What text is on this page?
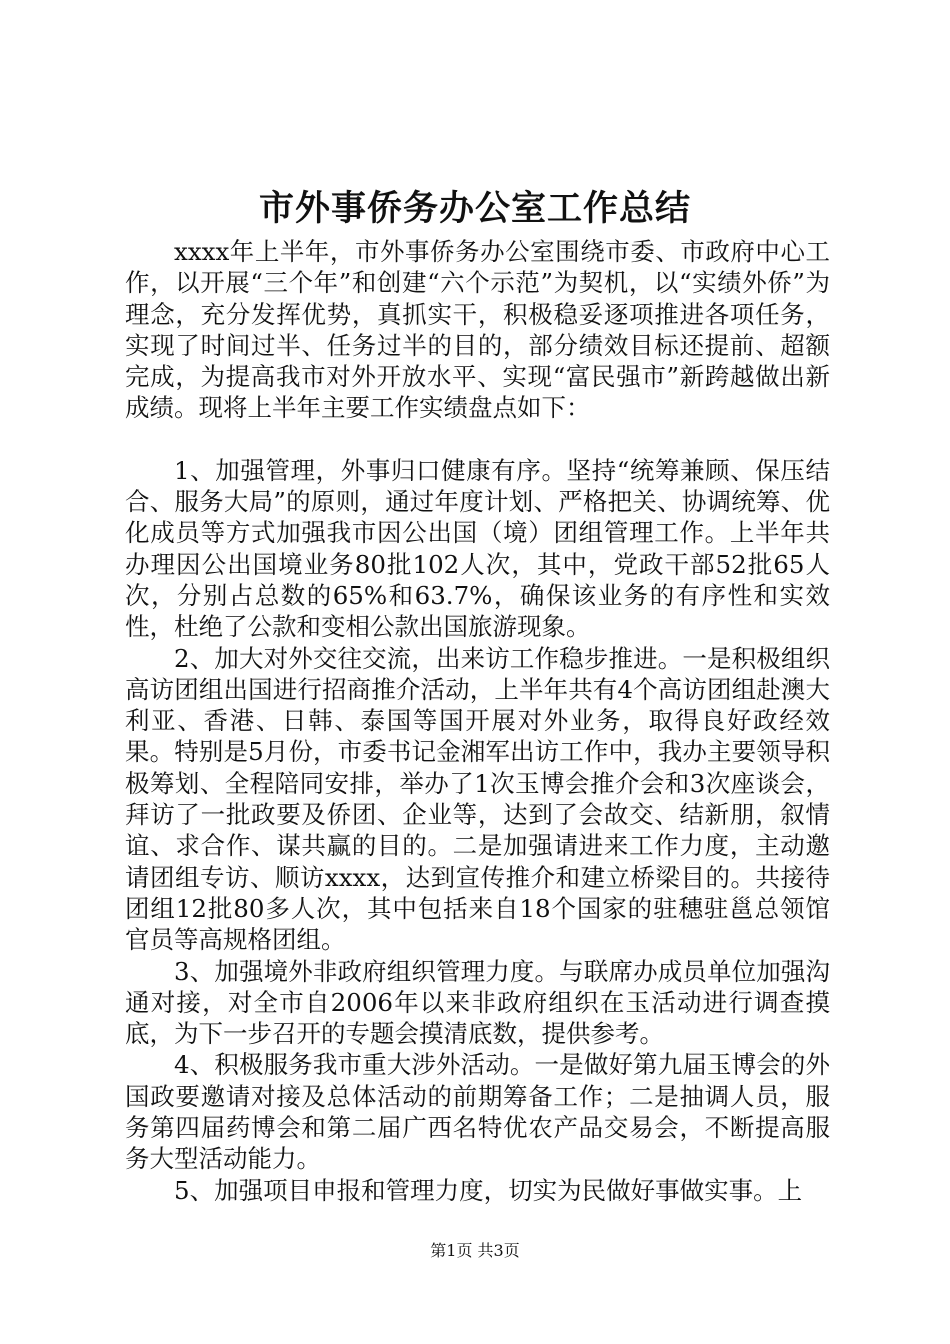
市外事侨务办公室工作总结

xxxx年上半年，市外事侨务办公室围绕市委、市政府中心工作，以开展“三个年”和创建“六个示范”为契机，以“实绩外侨”为理念，充分发挥优势，真抓实干，积极稳妥逐项推进各项任务，实现了时间过半、任务过半的目的，部分绩效目标还提前、超额完成，为提高我市对外开放水平、实现“富民强市”新跨越做出新成绩。现将上半年主要工作实绩盘点如下：

1、加强管理，外事归口健康有序。坚持“统筹兼顾、保压结合、服务大局”的原则，通过年度计划、严格把关、协调统筹、优化成员等方式加强我市因公出国（境）团组管理工作。上半年共办理因公出国境业务80批102人次，其中，党政干部52批65人次，分别占总数的65%和63.7%，确保该业务的有序性和实效性，杜绝了公款和变相公款出国旅游现象。

2、加大对外交往交流，出来访工作稳步推进。一是积极组织高访团组出国进行招商推介活动，上半年共有4个高访团组赴澳大利亚、香港、日韩、泰国等国开展对外业务，取得良好政经效果。特别是5月份，市委书记金湘军出访工作中，我办主要领导积极筹划、全程陪同安排，举办了1次玉博会推介会和3次座谈会，拜访了一批政要及侨团、企业等，达到了会故交、结新朋，叙情谊、求合作、谋共赢的目的。二是加强请进来工作力度，主动邀请团组专访、顺访xxxx，达到宣传推介和建立桥梁目的。共接待团组12批80多人次，其中包括来自18个国家的驻穗驻邕总领馆官员等高规格团组。

3、加强境外非政府组织管理力度。与联席办成员单位加强沟通对接，对全市自2006年以来非政府组织在玉活动进行调查摸底，为下一步召开的专题会摸清底数，提供参考。

4、积极服务我市重大涉外活动。一是做好第九届玉博会的外国政要邀请对接及总体活动的前期筹备工作；二是抽调人员，服务第四届药博会和第二届广西名特优农产品交易会，不断提高服务大型活动能力。

5、加强项目申报和管理力度，切实为民做好事做实事。上

第1页 共3页
